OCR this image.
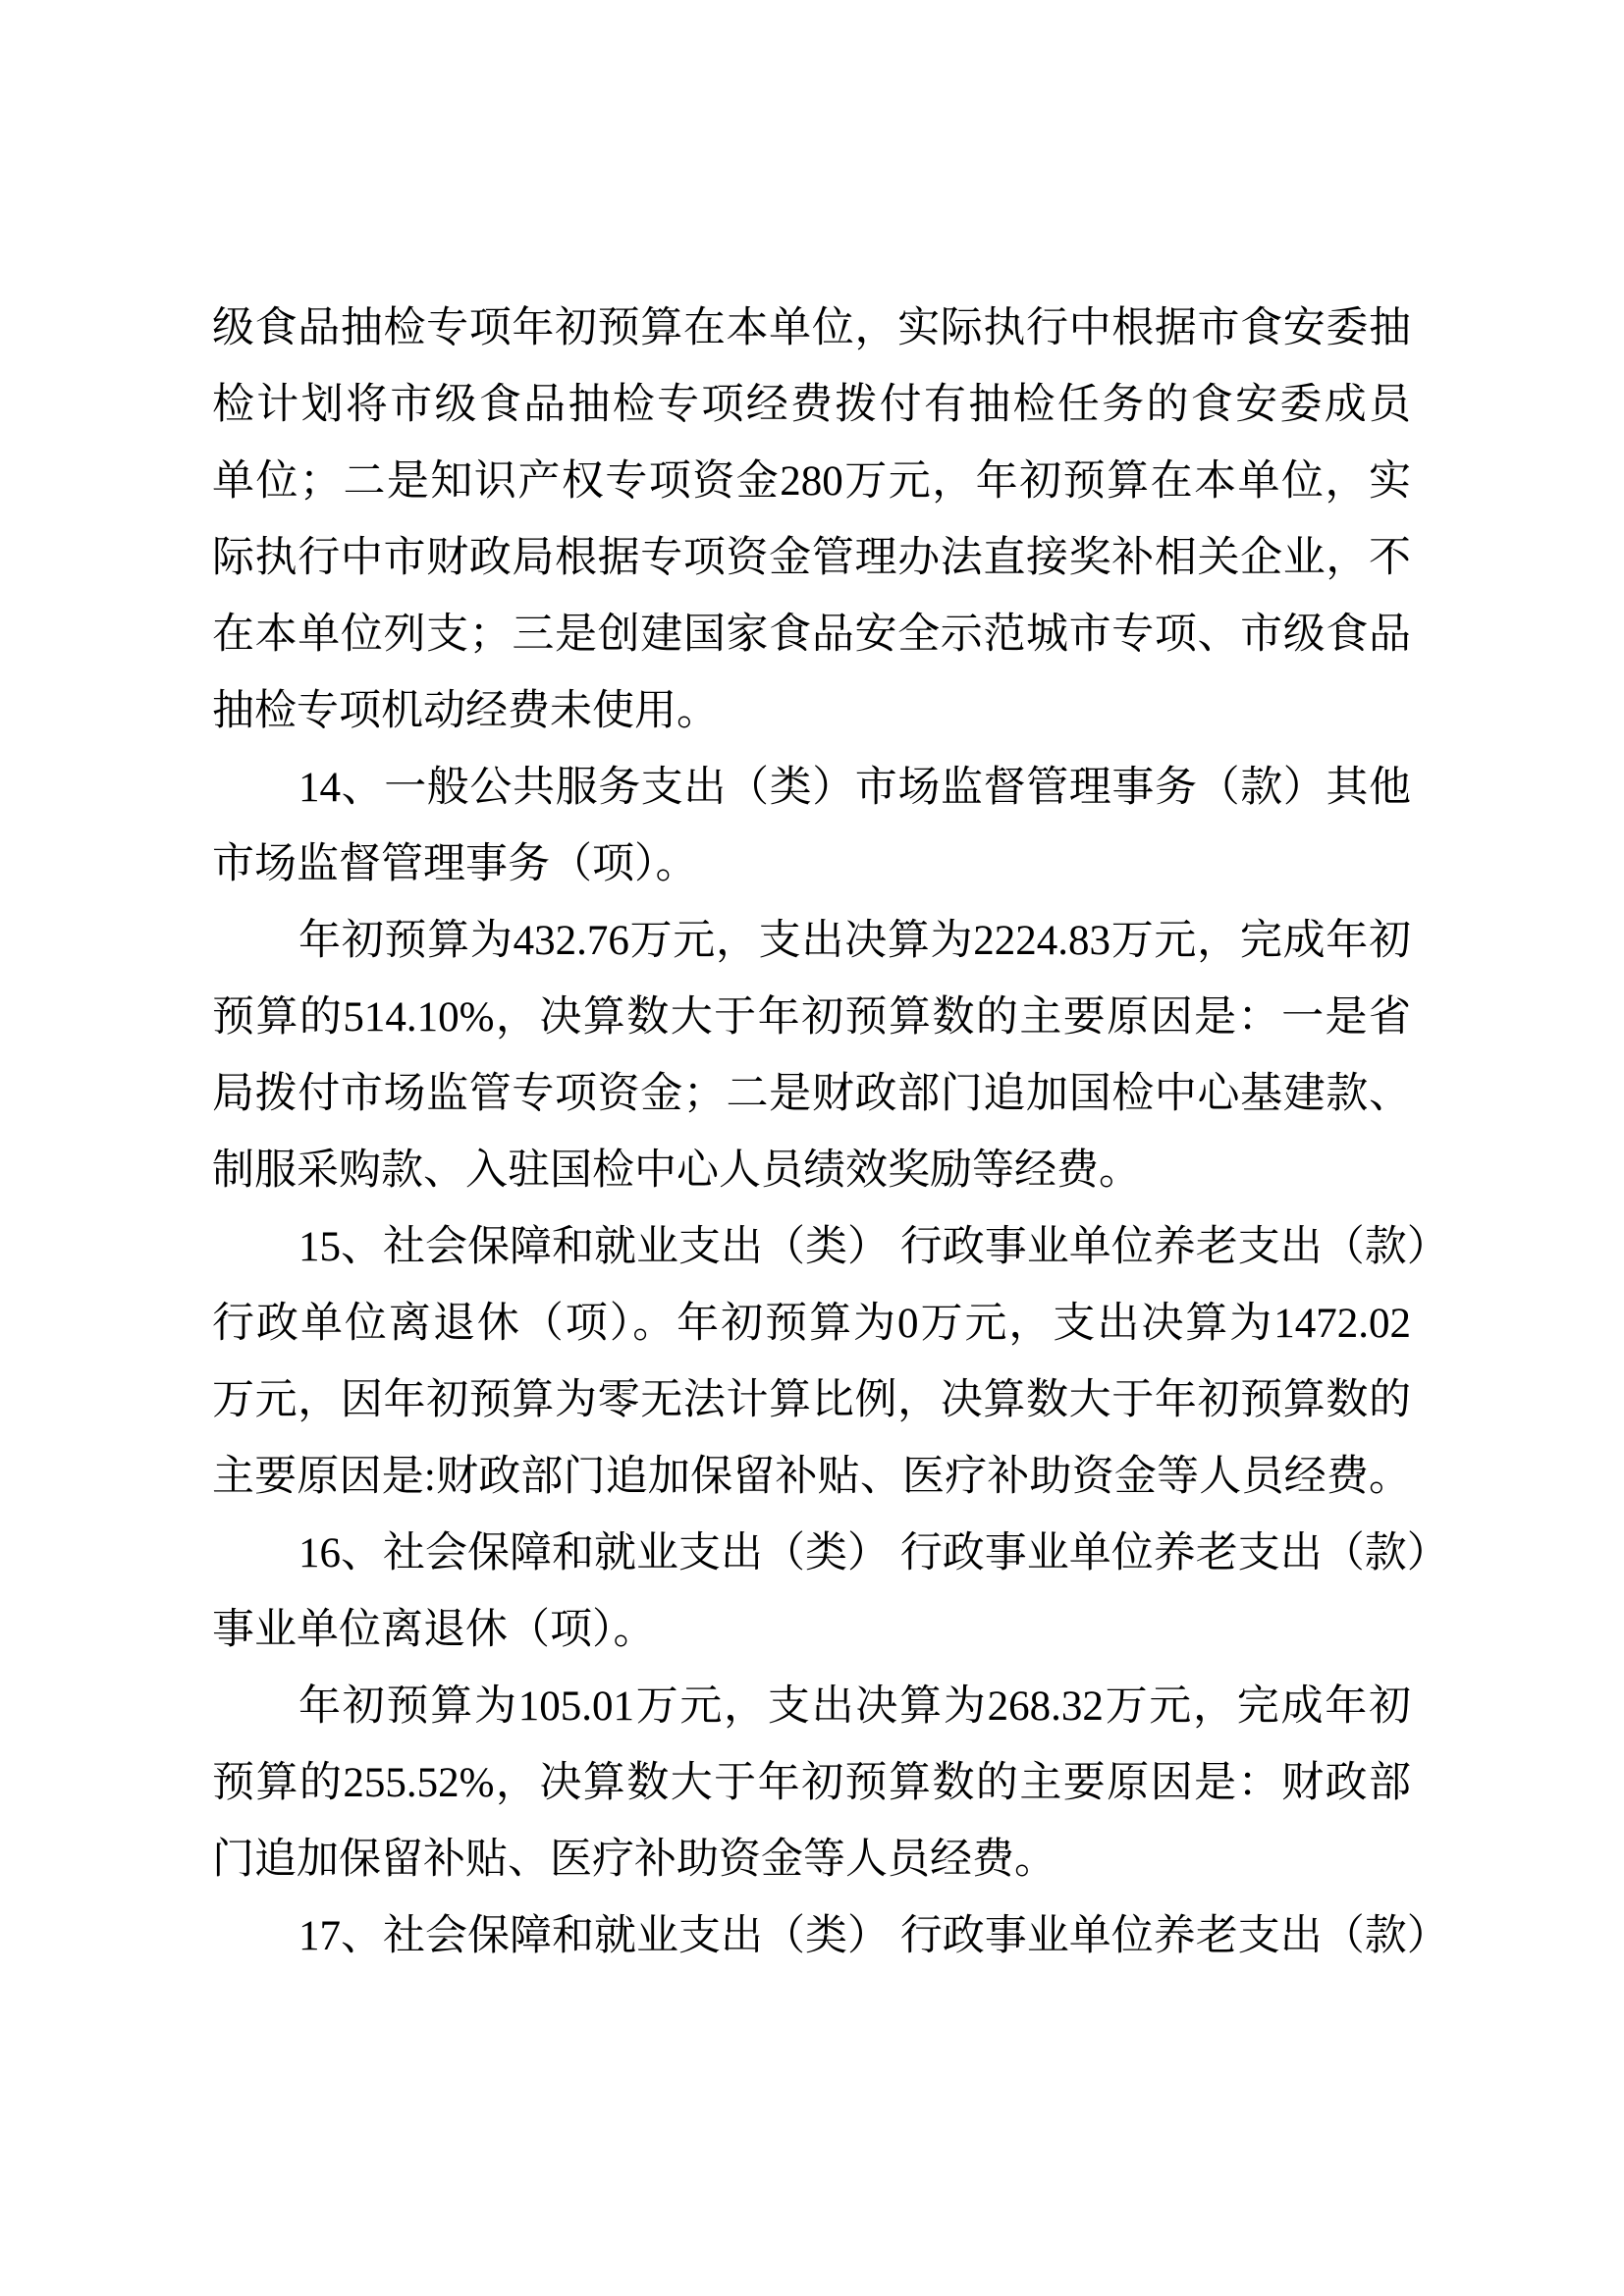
级食品抽检专项年初预算在本单位，实际执行中根据市食安委抽
检计划将市级食品抽检专项经费拨付有抽检任务的食安委成员
单位；二是知识产权专项资金280万元，年初预算在本单位，实
际执行中市财政局根据专项资金管理办法直接奖补相关企业，不
在本单位列支；三是创建国家食品安全示范城市专项、市级食品
抽检专项机动经费未使用。
14、一般公共服务支出（类）市场监督管理事务（款）其他
市场监督管理事务（项）。
年初预算为432.76万元，支出决算为2224.83万元，完成年初
预算的514.10%，决算数大于年初预算数的主要原因是：一是省
局拨付市场监管专项资金；二是财政部门追加国检中心基建款、
制服采购款、入驻国检中心人员绩效奖励等经费。
15、社会保障和就业支出（类） 行政事业单位养老支出（款）
行政单位离退休（项）。年初预算为0万元，支出决算为1472.02
万元，因年初预算为零无法计算比例，决算数大于年初预算数的
主要原因是:财政部门追加保留补贴、医疗补助资金等人员经费。
16、社会保障和就业支出（类） 行政事业单位养老支出（款）
事业单位离退休（项）。
年初预算为105.01万元，支出决算为268.32万元，完成年初
预算的255.52%，决算数大于年初预算数的主要原因是：财政部
门追加保留补贴、医疗补助资金等人员经费。
17、社会保障和就业支出（类） 行政事业单位养老支出（款）
